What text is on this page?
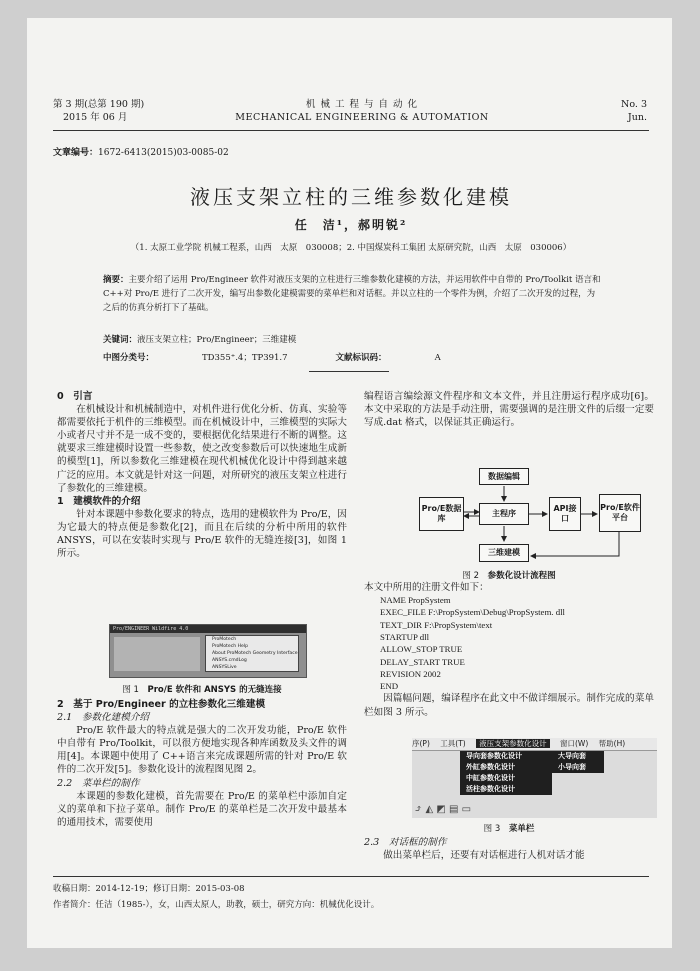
第 3 期(总第 190 期)
2015 年 06 月
机 械 工 程 与 自 动 化
MECHANICAL ENGINEERING & AUTOMATION
No. 3
Jun.
文章编号：1672-6413(2015)03-0085-02
液压支架立柱的三维参数化建模
任　洁¹，郝明锐²
（1. 太原工业学院 机械工程系，山西　太原　030008；2. 中国煤炭科工集团 太原研究院，山西　太原　030006）
摘要：主要介绍了运用 Pro/Engineer 软件对液压支架的立柱进行三维参数化建模的方法，并运用软件中自带的 Pro/Toolkit 语言和 C++对 Pro/E 进行了二次开发，编写出参数化建模需要的菜单栏和对话框。并以立柱的一个零件为例，介绍了二次开发的过程，为之后的仿真分析打下了基础。
关键词：液压支架立柱；Pro/Engineer；三维建模
中图分类号：	TD355⁺.4；TP391.7	文献标识码：	A

0　引言

在机械设计和机械制造中，对机件进行优化分析、仿真、实验等都需要依托于机件的三维模型。而在机械设计中，三维模型的实际大小或者尺寸并不是一成不变的，要根据优化结果进行不断的调整。这就要求三维建模时设置一些参数，使之改变参数后可以快速地生成新的模型[1]，所以参数化三维建模在现代机械优化设计中得到越来越广泛的应用。本文就是针对这一问题，对所研究的液压支架立柱进行了参数化的三维建模。

1　建模软件的介绍

针对本课题中参数化要求的特点，选用的建模软件为 Pro/E，因为它最大的特点便是参数化[2]，而且在后续的分析中所用的软件 ANSYS，可以在安装时实现与 Pro/E 软件的无缝连接[3]，如图 1 所示。

Pro/ENGINEER Wildfire 4.0
ProMotech
ProMotech Help
About ProMotech Geometry Interface
ANSYS.cmdLog
ANSYSLive
图 1　 Pro/E 软件和 ANSYS 的无缝连接

2　基于 Pro/Engineer 的立柱参数化三维建模

2.1　参数化建模介绍

Pro/E 软件最大的特点就是强大的二次开发功能，Pro/E 软件中自带有 Pro/Toolkit，可以很方便地实现各种库函数及头文件的调用[4]。本课题中使用了 C++语言来完成课题所需的针对 Pro/E 软件的二次开发[5]。参数化设计的流程图见图 2。

2.2　菜单栏的制作

本课题的参数化建模，首先需要在 Pro/E 的菜单栏中添加自定义的菜单和下拉子菜单。制作 Pro/E 的菜单栏是二次开发中最基本的通用技术，需要使用

编程语言编绘源文件程序和文本文件，并且注册运行程序成功[6]。本文中采取的方法是手动注册，需要强调的是注册文件的后缀一定要写成.dat 格式，以保证其正确运行。

Pro/E数据库
数据编辑
主程序
三维建模
API接口
Pro/E软件平台
图 2　 参数化设计流程图

本文中所用的注册文件如下：

NAME PropSystem
EXEC_FILE F:\PropSystem\Debug\PropSystem. dll
TEXT_DIR F:\PropSystem\text
STARTUP dll
ALLOW_STOP TRUE
DELAY_START TRUE
REVISION 2002
END

因篇幅问题，编译程序在此文中不做详细展示。制作完成的菜单栏如图 3 所示。

序(P) 工具(T) 液压支架参数化设计 窗口(W) 帮助(H)
导向套参数化设计
外缸参数化设计
中缸参数化设计
活柱参数化设计
大导向套
小导向套
⤴ ◭ ◩ ▤ ▭
图 3　 菜单栏

2.3　对话框的制作

做出菜单栏后，还要有对话框进行人机对话才能

收稿日期：2014-12-19；修订日期：2015-03-08
作者简介：任洁（1985-），女，山西太原人，助教，硕士，研究方向：机械优化设计。
